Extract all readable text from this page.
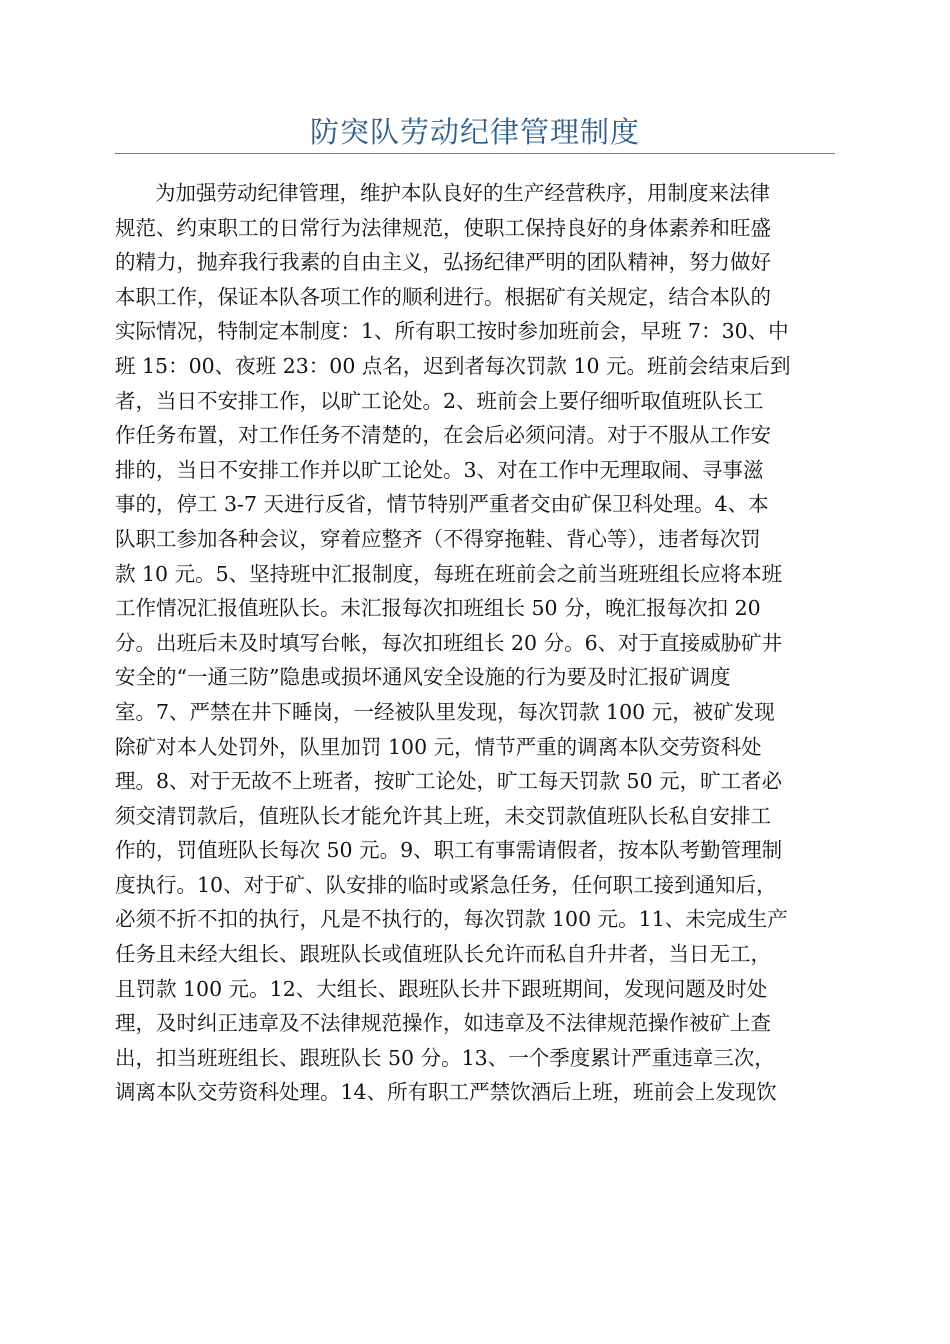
防突队劳动纪律管理制度
为加强劳动纪律管理，维护本队良好的生产经营秩序，用制度来法律
规范、约束职工的日常行为法律规范，使职工保持良好的身体素养和旺盛
的精力，抛弃我行我素的自由主义，弘扬纪律严明的团队精神，努力做好
本职工作，保证本队各项工作的顺利进行。根据矿有关规定，结合本队的
实际情况，特制定本制度：1、所有职工按时参加班前会，早班 7：30、中
班 15：00、夜班 23：00 点名，迟到者每次罚款 10 元。班前会结束后到
者，当日不安排工作，以旷工论处。2、班前会上要仔细听取值班队长工
作任务布置，对工作任务不清楚的，在会后必须问清。对于不服从工作安
排的，当日不安排工作并以旷工论处。3、对在工作中无理取闹、寻事滋
事的，停工 3-7 天进行反省，情节特别严重者交由矿保卫科处理。4、本
队职工参加各种会议，穿着应整齐（不得穿拖鞋、背心等），违者每次罚
款 10 元。5、坚持班中汇报制度，每班在班前会之前当班班组长应将本班
工作情况汇报值班队长。未汇报每次扣班组长 50 分，晚汇报每次扣 20
分。出班后未及时填写台帐，每次扣班组长 20 分。6、对于直接威胁矿井
安全的“一通三防”隐患或损坏通风安全设施的行为要及时汇报矿调度
室。7、严禁在井下睡岗，一经被队里发现，每次罚款 100 元，被矿发现
除矿对本人处罚外，队里加罚 100 元，情节严重的调离本队交劳资科处
理。8、对于无故不上班者，按旷工论处，旷工每天罚款 50 元，旷工者必
须交清罚款后，值班队长才能允许其上班，未交罚款值班队长私自安排工
作的，罚值班队长每次 50 元。9、职工有事需请假者，按本队考勤管理制
度执行。10、对于矿、队安排的临时或紧急任务，任何职工接到通知后，
必须不折不扣的执行，凡是不执行的，每次罚款 100 元。11、未完成生产
任务且未经大组长、跟班队长或值班队长允许而私自升井者，当日无工，
且罚款 100 元。12、大组长、跟班队长井下跟班期间，发现问题及时处
理，及时纠正违章及不法律规范操作，如违章及不法律规范操作被矿上查
出，扣当班班组长、跟班队长 50 分。13、一个季度累计严重违章三次，
调离本队交劳资科处理。14、所有职工严禁饮酒后上班，班前会上发现饮
